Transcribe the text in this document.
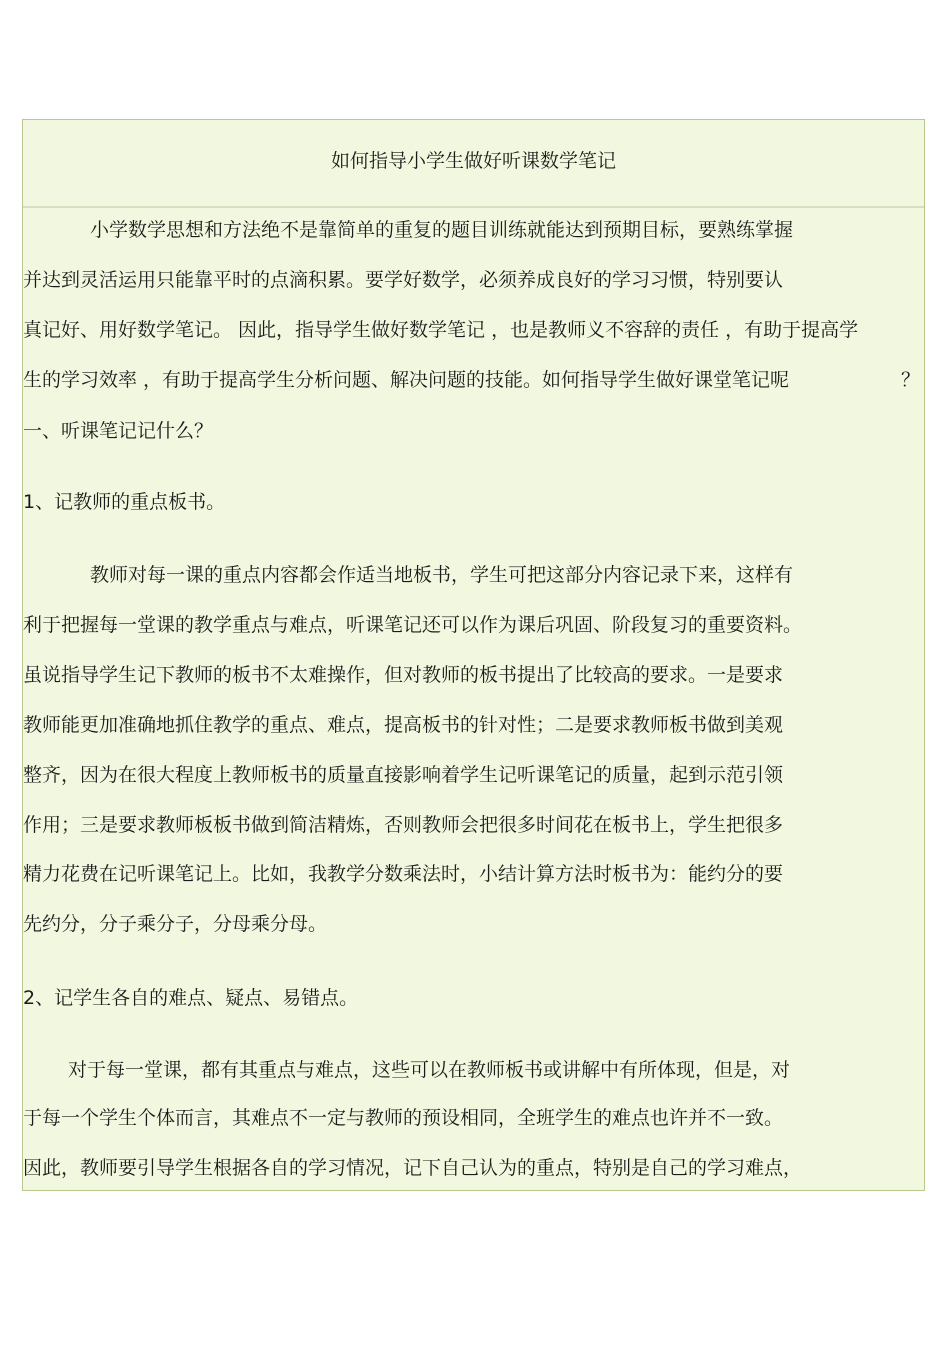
如何指导小学生做好听课数学笔记
小学数学思想和方法绝不是靠简单的重复的题目训练就能达到预期目标，要熟练掌握
并达到灵活运用只能靠平时的点滴积累。要学好数学，必须养成良好的学习习惯，特别要认
真记好、用好数学笔记。 因此，指导学生做好数学笔记 ，也是教师义不容辞的责任 ，有助于提高学
生的学习效率 ，有助于提高学生分析问题、解决问题的技能。如何指导学生做好课堂笔记呢	？
一、听课笔记记什么？
1、记教师的重点板书。
教师对每一课的重点内容都会作适当地板书，学生可把这部分内容记录下来，这样有
利于把握每一堂课的教学重点与难点，听课笔记还可以作为课后巩固、阶段复习的重要资料。
虽说指导学生记下教师的板书不太难操作，但对教师的板书提出了比较高的要求。一是要求
教师能更加准确地抓住教学的重点、难点，提高板书的针对性；二是要求教师板书做到美观
整齐，因为在很大程度上教师板书的质量直接影响着学生记听课笔记的质量，起到示范引领
作用；三是要求教师板板书做到简洁精炼，否则教师会把很多时间花在板书上，学生把很多
精力花费在记听课笔记上。比如，我教学分数乘法时，小结计算方法时板书为：能约分的要
先约分，分子乘分子，分母乘分母。
2、记学生各自的难点、疑点、易错点。
对于每一堂课，都有其重点与难点，这些可以在教师板书或讲解中有所体现，但是，对
于每一个学生个体而言，其难点不一定与教师的预设相同，全班学生的难点也许并不一致。
因此，教师要引导学生根据各自的学习情况，记下自己认为的重点，特别是自己的学习难点，
